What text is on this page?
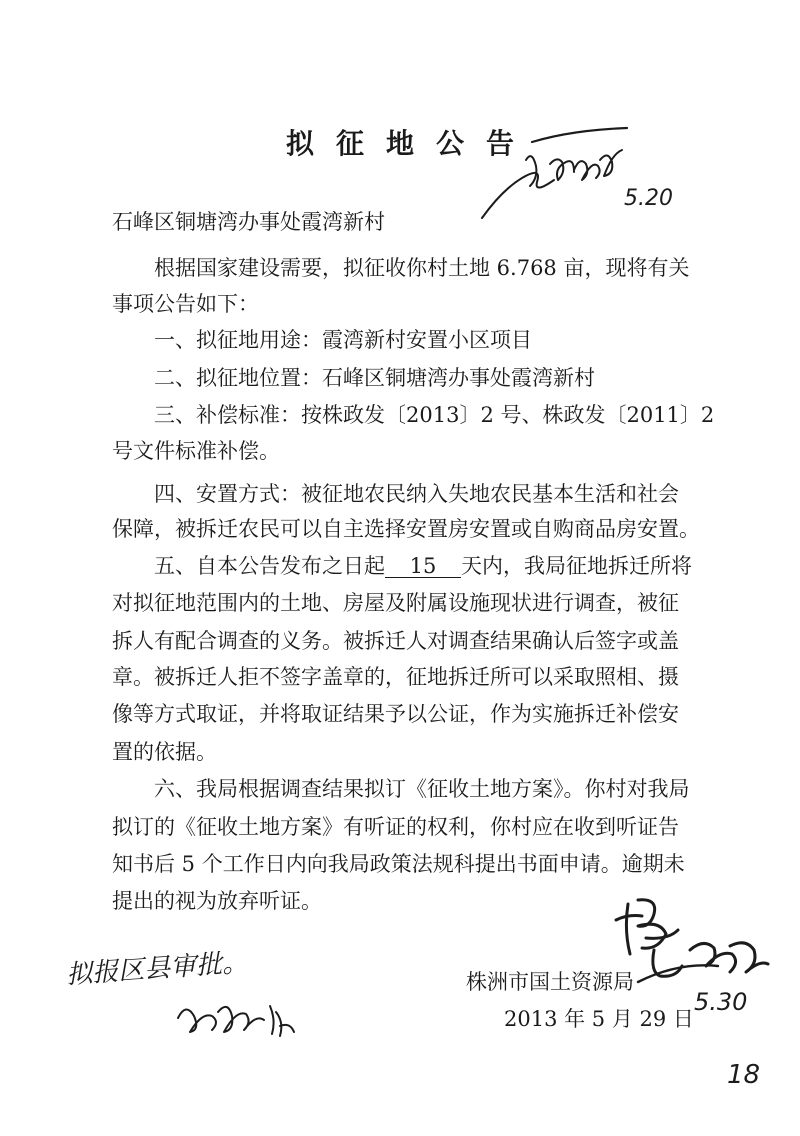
拟征地公告
5.20
石峰区铜塘湾办事处霞湾新村
根据国家建设需要，拟征收你村土地 6.768 亩，现将有关
事项公告如下：
一、拟征地用途：霞湾新村安置小区项目
二、拟征地位置：石峰区铜塘湾办事处霞湾新村
三、补偿标准：按株政发〔2013〕2 号、株政发〔2011〕2
号文件标准补偿。
四、安置方式：被征地农民纳入失地农民基本生活和社会
保障，被拆迁农民可以自主选择安置房安置或自购商品房安置。
五、自本公告发布之日起 15 天内，我局征地拆迁所将
对拟征地范围内的土地、房屋及附属设施现状进行调查，被征
拆人有配合调查的义务。被拆迁人对调查结果确认后签字或盖
章。被拆迁人拒不签字盖章的，征地拆迁所可以采取照相、摄
像等方式取证，并将取证结果予以公证，作为实施拆迁补偿安
置的依据。
六、我局根据调查结果拟订《征收土地方案》。你村对我局
拟订的《征收土地方案》有听证的权利，你村应在收到听证告
知书后 5 个工作日内向我局政策法规科提出书面申请。逾期未
提出的视为放弃听证。
拟报区县审批。
5.30
株洲市国土资源局
2013 年 5 月 29 日
18
